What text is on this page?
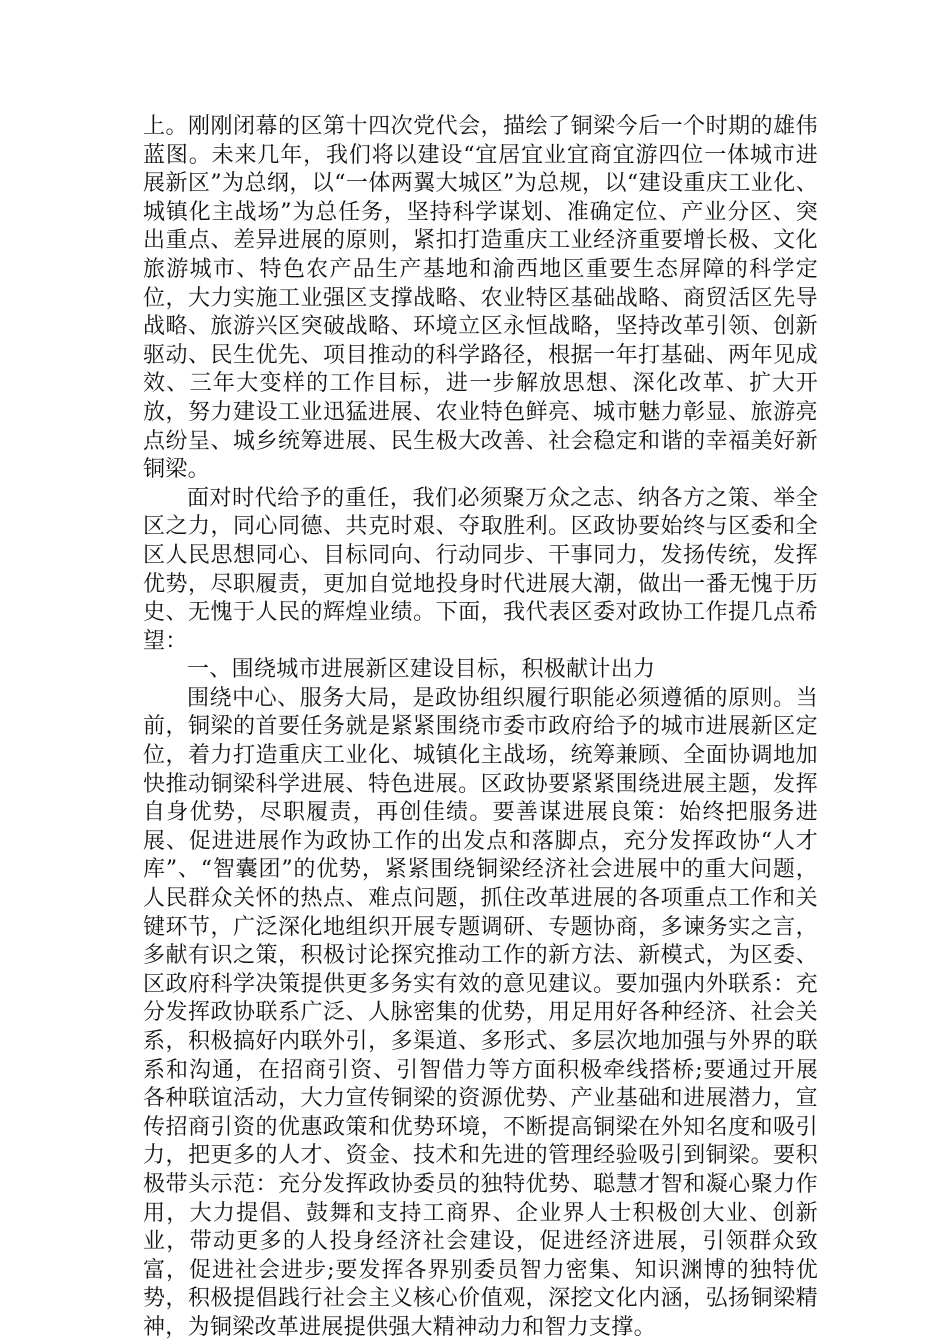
上。刚刚闭幕的区第十四次党代会，描绘了铜梁今后一个时期的雄伟蓝图。未来几年，我们将以建设“宜居宜业宜商宜游四位一体城市进展新区”为总纲，以“一体两翼大城区”为总规，以“建设重庆工业化、城镇化主战场”为总任务，坚持科学谋划、准确定位、产业分区、突出重点、差异进展的原则，紧扣打造重庆工业经济重要增长极、文化旅游城市、特色农产品生产基地和渝西地区重要生态屏障的科学定位，大力实施工业强区支撑战略、农业特区基础战略、商贸活区先导战略、旅游兴区突破战略、环境立区永恒战略，坚持改革引领、创新驱动、民生优先、项目推动的科学路径，根据一年打基础、两年见成效、三年大变样的工作目标，进一步解放思想、深化改革、扩大开放，努力建设工业迅猛进展、农业特色鲜亮、城市魅力彰显、旅游亮点纷呈、城乡统筹进展、民生极大改善、社会稳定和谐的幸福美好新铜梁。

面对时代给予的重任，我们必须聚万众之志、纳各方之策、举全区之力，同心同德、共克时艰、夺取胜利。区政协要始终与区委和全区人民思想同心、目标同向、行动同步、干事同力，发扬传统，发挥优势，尽职履责，更加自觉地投身时代进展大潮，做出一番无愧于历史、无愧于人民的辉煌业绩。下面，我代表区委对政协工作提几点希望：

一、围绕城市进展新区建设目标，积极献计出力

围绕中心、服务大局，是政协组织履行职能必须遵循的原则。当前，铜梁的首要任务就是紧紧围绕市委市政府给予的城市进展新区定位，着力打造重庆工业化、城镇化主战场，统筹兼顾、全面协调地加快推动铜梁科学进展、特色进展。区政协要紧紧围绕进展主题，发挥自身优势，尽职履责，再创佳绩。要善谋进展良策：始终把服务进展、促进进展作为政协工作的出发点和落脚点，充分发挥政协“人才库”、“智囊团”的优势，紧紧围绕铜梁经济社会进展中的重大问题，人民群众关怀的热点、难点问题，抓住改革进展的各项重点工作和关键环节，广泛深化地组织开展专题调研、专题协商，多谏务实之言，多献有识之策，积极讨论探究推动工作的新方法、新模式，为区委、区政府科学决策提供更多务实有效的意见建议。要加强内外联系：充分发挥政协联系广泛、人脉密集的优势，用足用好各种经济、社会关系，积极搞好内联外引，多渠道、多形式、多层次地加强与外界的联系和沟通，在招商引资、引智借力等方面积极牵线搭桥;要通过开展各种联谊活动，大力宣传铜梁的资源优势、产业基础和进展潜力，宣传招商引资的优惠政策和优势环境，不断提高铜梁在外知名度和吸引力，把更多的人才、资金、技术和先进的管理经验吸引到铜梁。要积极带头示范：充分发挥政协委员的独特优势、聪慧才智和凝心聚力作用，大力提倡、鼓舞和支持工商界、企业界人士积极创大业、创新业，带动更多的人投身经济社会建设，促进经济进展，引领群众致富，促进社会进步;要发挥各界别委员智力密集、知识渊博的独特优势，积极提倡践行社会主义核心价值观，深挖文化内涵，弘扬铜梁精神，为铜梁改革进展提供强大精神动力和智力支撑。
